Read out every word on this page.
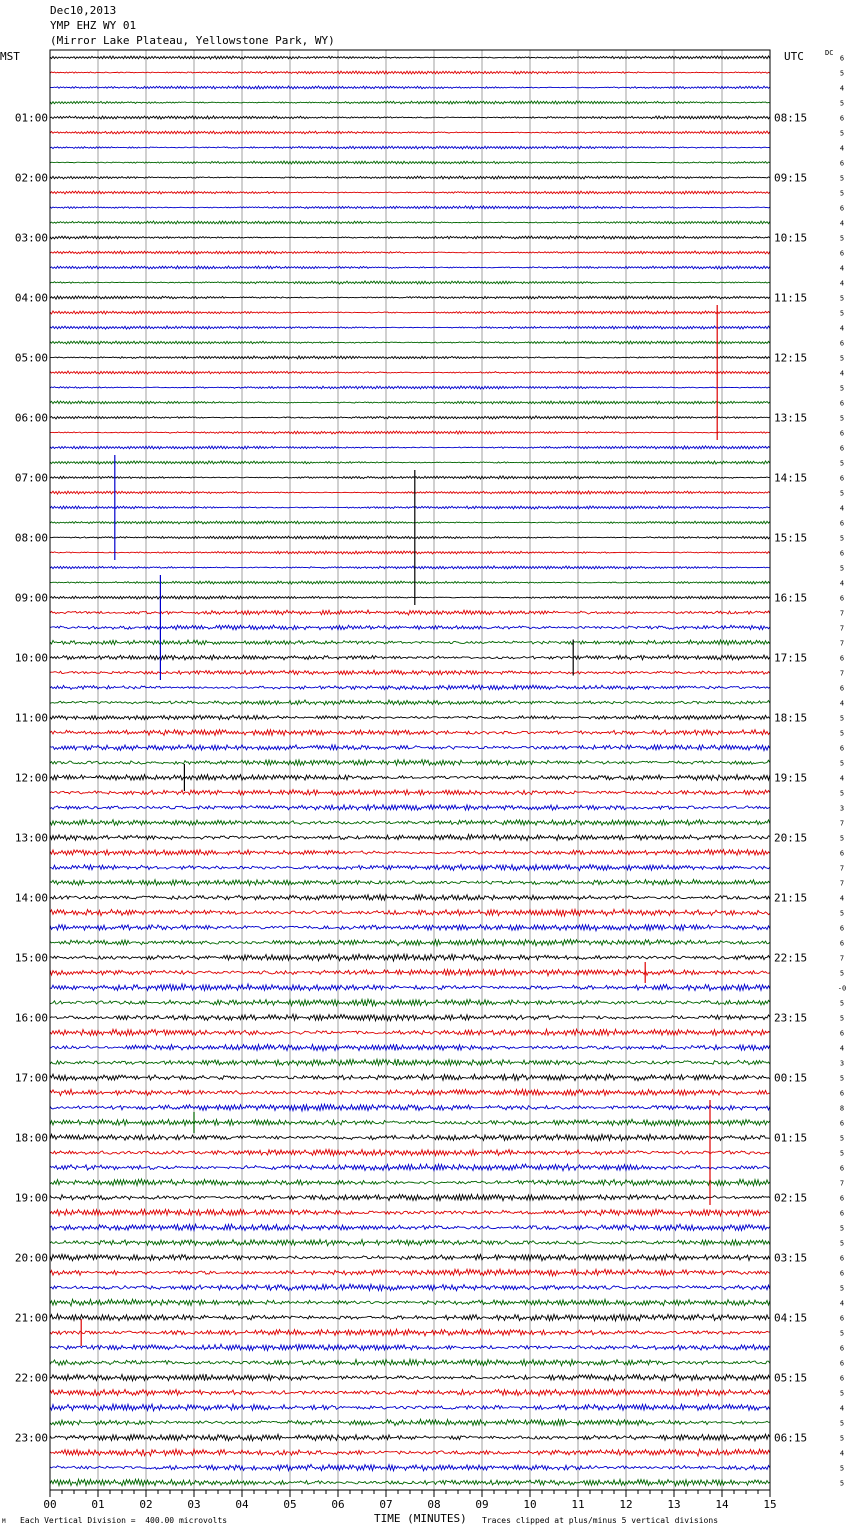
00	01	02	03	04	05	06	07	08	09	10	11	12	13	14	15
01:00
02:00
03:00
04:00
05:00
06:00
07:00
08:00
09:00
10:00
11:00
12:00
13:00
14:00
15:00
16:00
17:00
18:00
19:00
20:00
21:00
22:00
23:00
08:15
09:15
10:15
11:15
12:15
13:15
14:15
15:15
16:15
17:15
18:15
19:15
20:15
21:15
22:15
23:15
00:15
01:15
02:15
03:15
04:15
05:15
06:15
6
5
4
5
6
5
4
6
5
5
6
4
5
6
4
4
5
5
4
6
5
4
5
6
5
6
6
5
6
5
4
6
5
6
5
4
6
7
7
7
6
7
6
4
5
5
6
5
4
5
3
7
5
6
7
7
4
5
6
6
7
5
-0
5
5
6
4
3
5
6
8
6
5
5
6
7
6
6
5
5
6
6
5
4
6
5
6
6
6
5
4
5
5
4
5
5
Dec10,2013
YMP EHZ WY 01
(Mirror Lake Plateau, Yellowstone Park, WY)
MST	UTC	DC
M Each Vertical Division =  400.00 microvolts	TIME (MINUTES) Traces clipped at plus/minus 5 vertical divisions
